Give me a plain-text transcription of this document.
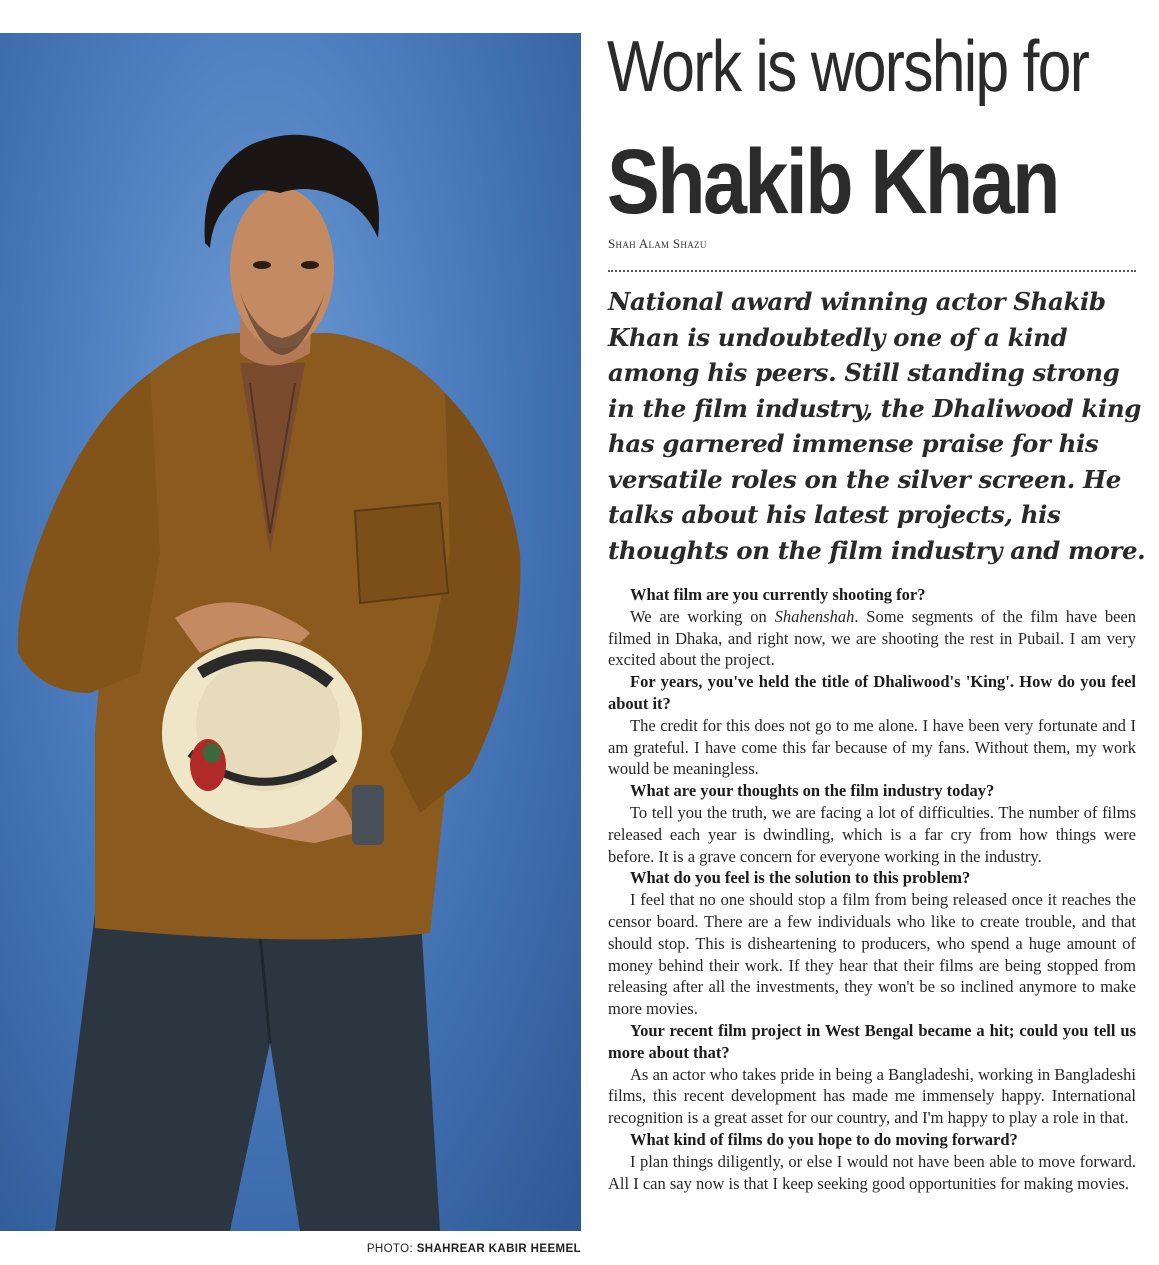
PHOTO: SHAHREAR KABIR HEEMEL
Work is worship for
Shakib Khan
Shah Alam Shazu
National award winning actor Shakib Khan is undoubtedly one of a kind among his peers. Still standing strong in the film industry, the Dhaliwood king has garnered immense praise for his versatile roles on the silver screen. He talks about his latest projects, his thoughts on the film industry and more.

What film are you currently shooting for?

We are working on Shahenshah. Some segments of the film have been filmed in Dhaka, and right now, we are shooting the rest in Pubail. I am very excited about the project.

For years, you've held the title of Dhaliwood's 'King'. How do you feel about it?

The credit for this does not go to me alone. I have been very fortunate and I am grateful. I have come this far because of my fans. Without them, my work would be meaningless.

What are your thoughts on the film industry today?

To tell you the truth, we are facing a lot of difficulties. The number of films released each year is dwindling, which is a far cry from how things were before. It is a grave concern for everyone working in the industry.

What do you feel is the solution to this problem?

I feel that no one should stop a film from being released once it reaches the censor board. There are a few individuals who like to create trouble, and that should stop. This is disheartening to producers, who spend a huge amount of money behind their work. If they hear that their films are being stopped from releasing after all the investments, they won't be so inclined anymore to make more movies.

Your recent film project in West Bengal became a hit; could you tell us more about that?

As an actor who takes pride in being a Bangladeshi, working in Bangladeshi films, this recent development has made me immensely happy. International recognition is a great asset for our country, and I'm happy to play a role in that.

What kind of films do you hope to do moving forward?

I plan things diligently, or else I would not have been able to move forward. All I can say now is that I keep seeking good opportunities for making movies.
